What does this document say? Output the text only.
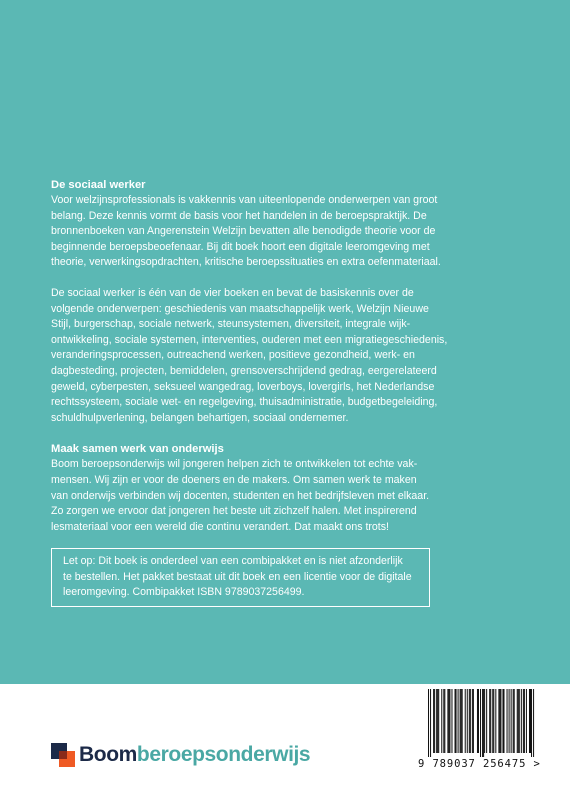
De sociaal werker

Voor welzijnsprofessionals is vakkennis van uiteenlopende onderwerpen van groot

belang. Deze kennis vormt de basis voor het handelen in de beroepspraktijk. De

bronnenboeken van Angerenstein Welzijn bevatten alle benodigde theorie voor de

beginnende beroepsbeoefenaar. Bij dit boek hoort een digitale leeromgeving met

theorie, verwerkingsopdrachten, kritische beroepssituaties en extra oefenmateriaal.

De sociaal werker is één van de vier boeken en bevat de basiskennis over de

volgende onderwerpen: geschiedenis van maatschappelijk werk, Welzijn Nieuwe

Stijl, burgerschap, sociale netwerk, steunsystemen, diversiteit, integrale wijk-

ontwikkeling, sociale systemen, interventies, ouderen met een migratiegeschiedenis,

veranderingsprocessen, outreachend werken, positieve gezondheid, werk- en

dagbesteding, projecten, bemiddelen, grensoverschrijdend gedrag, eergerelateerd

geweld, cyberpesten, seksueel wangedrag, loverboys, lovergirls, het Nederlandse

rechtssysteem, sociale wet- en regelgeving, thuisadministratie, budgetbegeleiding,

schuldhulpverlening, belangen behartigen, sociaal ondernemer.

Maak samen werk van onderwijs

Boom beroepsonderwijs wil jongeren helpen zich te ontwikkelen tot echte vak-

mensen. Wij zijn er voor de doeners en de makers. Om samen werk te maken

van onderwijs verbinden wij docenten, studenten en het bedrijfsleven met elkaar.

Zo zorgen we ervoor dat jongeren het beste uit zichzelf halen. Met inspirerend

lesmateriaal voor een wereld die continu verandert. Dat maakt ons trots!

Let op: Dit boek is onderdeel van een combipakket en is niet afzonderlijk

te bestellen. Het pakket bestaat uit dit boek en een licentie voor de digitale

leeromgeving. Combipakket ISBN 9789037256499.

Boomberoepsonderwijs	9 789037 256475 >
